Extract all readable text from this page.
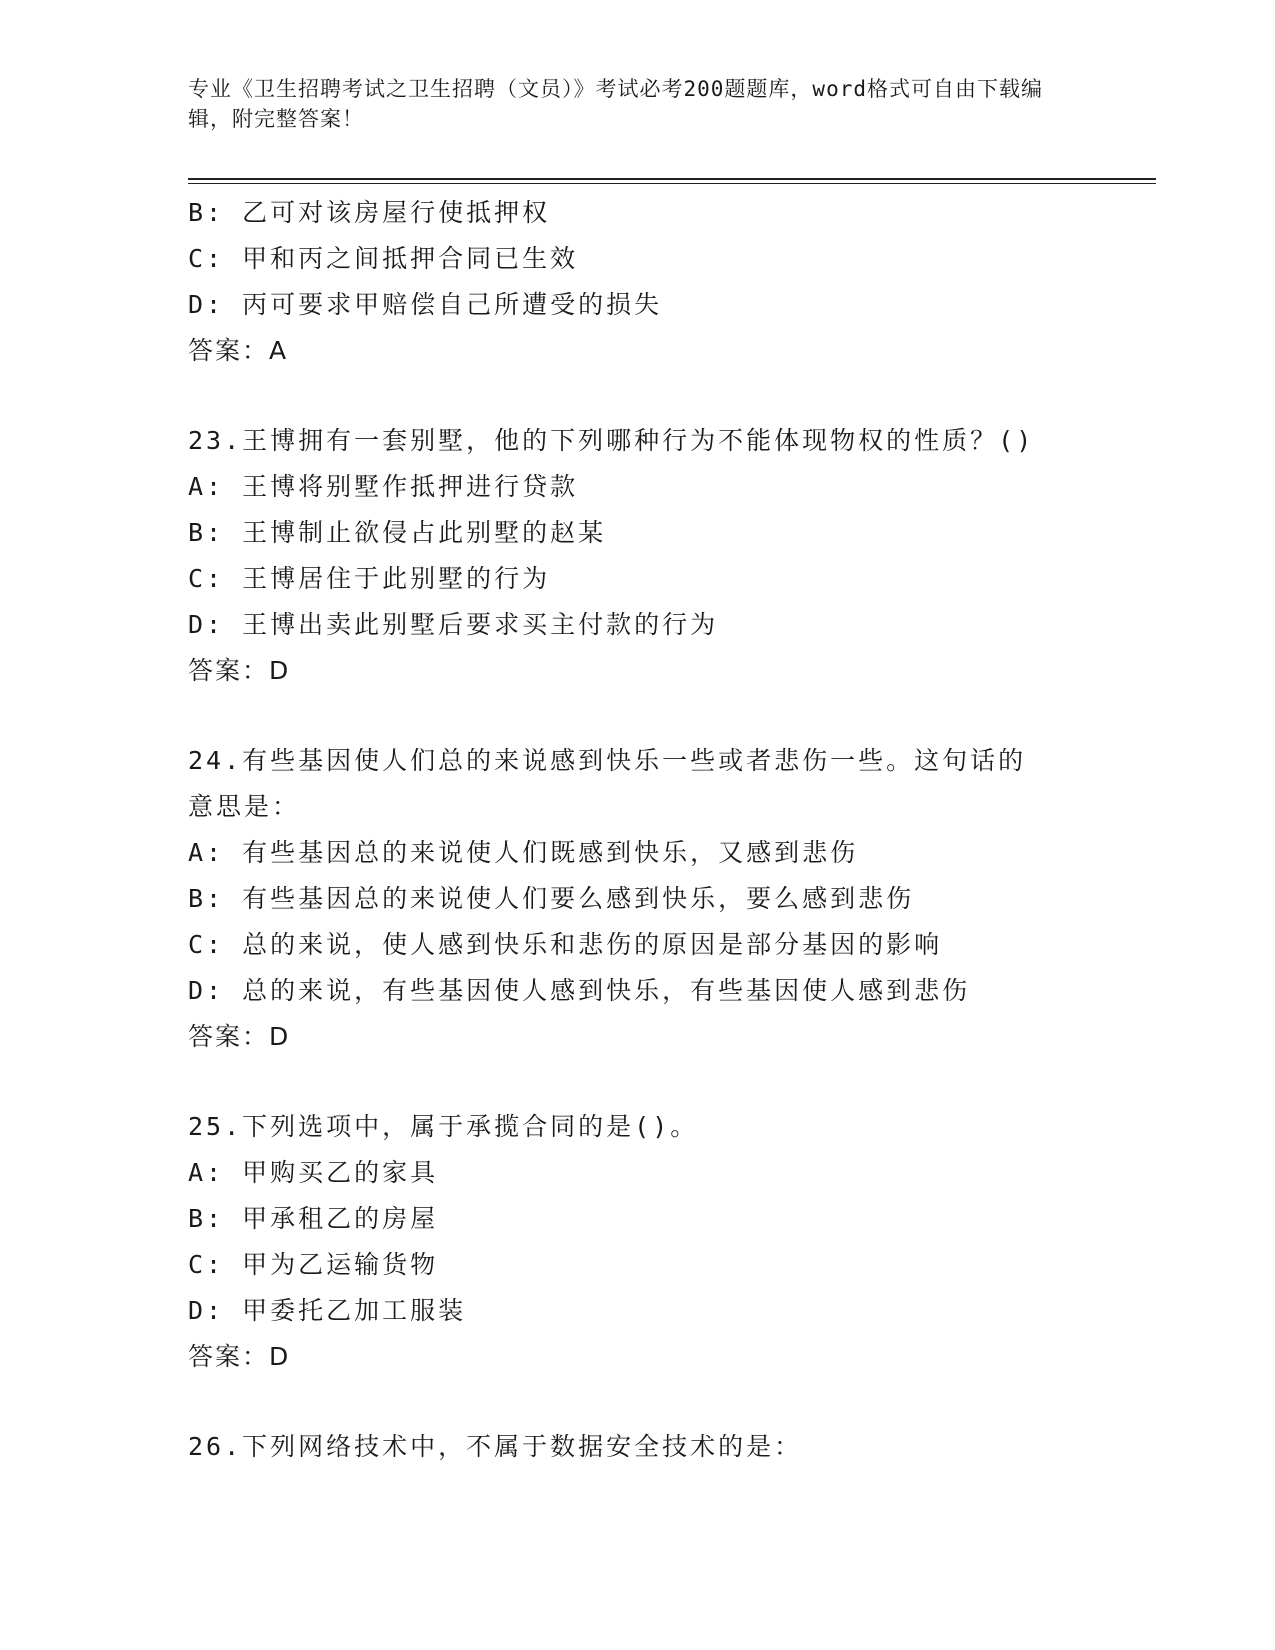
专业《卫生招聘考试之卫生招聘（文员）》考试必考200题题库，word格式可自由下载编辑，附完整答案！
B: 乙可对该房屋行使抵押权
C: 甲和丙之间抵押合同已生效
D: 丙可要求甲赔偿自己所遭受的损失
答案：A
23.王博拥有一套别墅，他的下列哪种行为不能体现物权的性质？()
A: 王博将别墅作抵押进行贷款
B: 王博制止欲侵占此别墅的赵某
C: 王博居住于此别墅的行为
D: 王博出卖此别墅后要求买主付款的行为
答案：D
24.有些基因使人们总的来说感到快乐一些或者悲伤一些。这句话的意思是：
A: 有些基因总的来说使人们既感到快乐，又感到悲伤
B: 有些基因总的来说使人们要么感到快乐，要么感到悲伤
C: 总的来说，使人感到快乐和悲伤的原因是部分基因的影响
D: 总的来说，有些基因使人感到快乐，有些基因使人感到悲伤
答案：D
25.下列选项中，属于承揽合同的是()。
A: 甲购买乙的家具
B: 甲承租乙的房屋
C: 甲为乙运输货物
D: 甲委托乙加工服装
答案：D
26.下列网络技术中，不属于数据安全技术的是：
